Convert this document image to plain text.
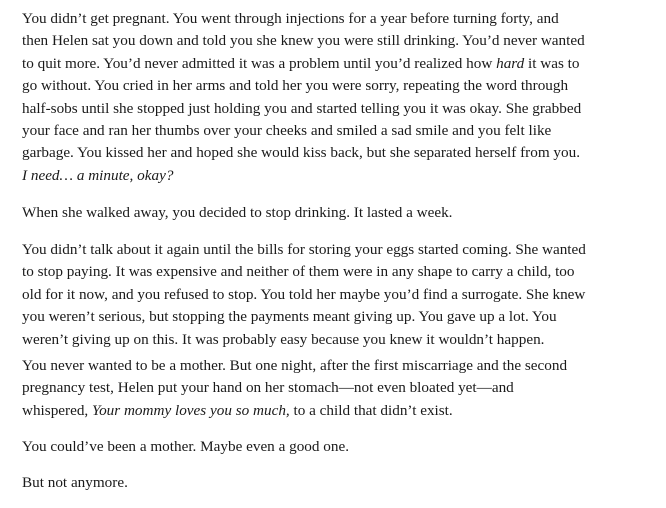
You didn’t get pregnant. You went through injections for a year before turning forty, and
then Helen sat you down and told you she knew you were still drinking. You’d never wanted
to quit more. You’d never admitted it was a problem until you’d realized how hard it was to
go without. You cried in her arms and told her you were sorry, repeating the word through
half-sobs until she stopped just holding you and started telling you it was okay. She grabbed
your face and ran her thumbs over your cheeks and smiled a sad smile and you felt like
garbage. You kissed her and hoped she would kiss back, but she separated herself from you.
I need… a minute, okay?

When she walked away, you decided to stop drinking. It lasted a week.

You didn’t talk about it again until the bills for storing your eggs started coming. She wanted
to stop paying. It was expensive and neither of them were in any shape to carry a child, too
old for it now, and you refused to stop. You told her maybe you’d find a surrogate. She knew
you weren’t serious, but stopping the payments meant giving up. You gave up a lot. You
weren’t giving up on this. It was probably easy because you knew it wouldn’t happen.

You never wanted to be a mother. But one night, after the first miscarriage and the second
pregnancy test, Helen put your hand on her stomach—not even bloated yet—and
whispered, Your mommy loves you so much, to a child that didn’t exist.

You could’ve been a mother. Maybe even a good one.

But not anymore.
